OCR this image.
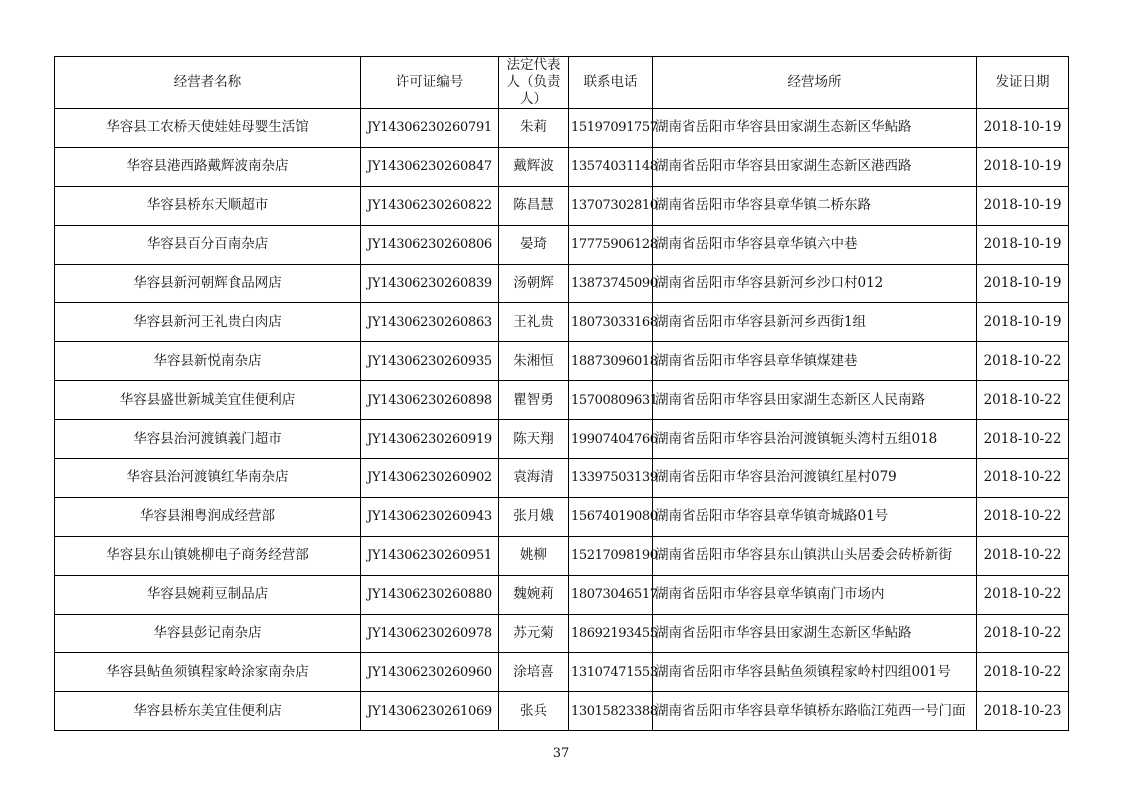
经营者名称	许可证编号	法定代表人（负责人）	联系电话	经营场所	发证日期
华容县工农桥天使娃娃母婴生活馆	JY14306230260791	朱莉	15197091757	湖南省岳阳市华容县田家湖生态新区华鲇路	2018-10-19
华容县港西路戴辉波南杂店	JY14306230260847	戴辉波	13574031148	湖南省岳阳市华容县田家湖生态新区港西路	2018-10-19
华容县桥东天顺超市	JY14306230260822	陈昌慧	13707302810	湖南省岳阳市华容县章华镇二桥东路	2018-10-19
华容县百分百南杂店	JY14306230260806	晏琦	17775906128	湖南省岳阳市华容县章华镇六中巷	2018-10-19
华容县新河朝辉食品网店	JY14306230260839	汤朝辉	13873745090	湖南省岳阳市华容县新河乡沙口村012	2018-10-19
华容县新河王礼贵白肉店	JY14306230260863	王礼贵	18073033168	湖南省岳阳市华容县新河乡西街1组	2018-10-19
华容县新悦南杂店	JY14306230260935	朱湘恒	18873096018	湖南省岳阳市华容县章华镇煤建巷	2018-10-22
华容县盛世新城美宜佳便利店	JY14306230260898	瞿智勇	15700809631	湖南省岳阳市华容县田家湖生态新区人民南路	2018-10-22
华容县治河渡镇義门超市	JY14306230260919	陈天翔	19907404766	湖南省岳阳市华容县治河渡镇轭头湾村五组018	2018-10-22
华容县治河渡镇红华南杂店	JY14306230260902	袁海清	13397503139	湖南省岳阳市华容县治河渡镇红星村079	2018-10-22
华容县湘粤润成经营部	JY14306230260943	张月娥	15674019080	湖南省岳阳市华容县章华镇奇城路01号	2018-10-22
华容县东山镇姚柳电子商务经营部	JY14306230260951	姚柳	15217098190	湖南省岳阳市华容县东山镇洪山头居委会砖桥新街	2018-10-22
华容县婉莉豆制品店	JY14306230260880	魏婉莉	18073046517	湖南省岳阳市华容县章华镇南门市场内	2018-10-22
华容县彭记南杂店	JY14306230260978	苏元菊	18692193455	湖南省岳阳市华容县田家湖生态新区华鲇路	2018-10-22
华容县鲇鱼须镇程家岭涂家南杂店	JY14306230260960	涂培喜	13107471553	湖南省岳阳市华容县鲇鱼须镇程家岭村四组001号	2018-10-22
华容县桥东美宜佳便利店	JY14306230261069	张兵	13015823388	湖南省岳阳市华容县章华镇桥东路临江苑西一号门面	2018-10-23
37
